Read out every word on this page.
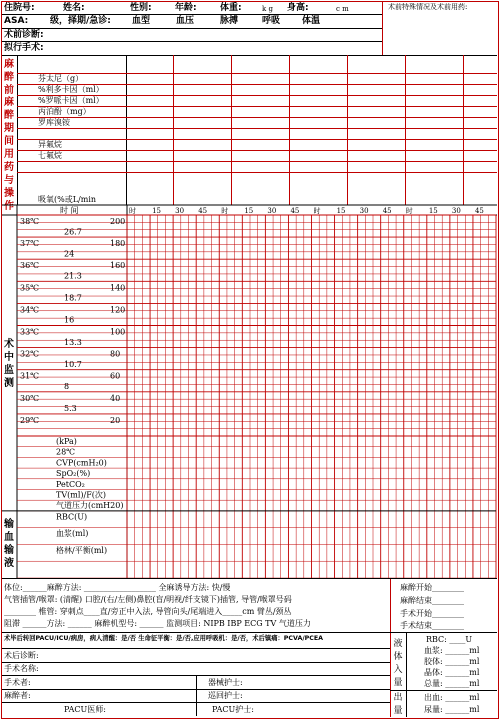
住院号:	姓名:	性别:	年龄:	体重:	k g 身高:	c m	术前特殊情况及术前用药:
ASA: 级，择期/急诊: 血型	血压	脉搏	呼吸 体温
术前诊断:
拟行手术:
芬太尼（g）
%利多卡因（ml）
%罗哌卡因（ml）
丙泊酚（mg）
罗库溴铵
异氟烷
七氟烷
麻醉前
麻醉期间用药与操作
吸氧(%或L/min
时 间	时 15 30 45 时 15 30 45 时 15 30 45 时 15 30 45
38℃	200
26.7
37℃	180
24
36℃	160
21.3
35℃	140
18.7
34℃	120
16
33℃	100
13.3
32℃	80
10.7
31℃	60
8
30℃	40
5.3
29℃	20
(kPa)
28℃
CVP(cmH₂0)
SpO₂(%)
PetCO₂
TV(ml)/F(次)
气道压力(cmH20)
RBC(U)
血浆(ml)
格林/平衡(ml)
术中监测
输血输液
体位:______麻醉方法: __________________ 全麻诱导方法: 快/慢
气管插管/喉罩: (清醒) 口腔/(右/左侧)鼻腔(盲/明视/纤支镜下)插管, 导管/喉罩号码
________ 椎管: 穿刺点____直/旁正中入法, 导管向头/尾端进入_____cm 臂丛/颈丛
阻滞 ______方法: ______ 麻醉机型号: ______ 监测项目: NIPB IBP ECG TV 气道压力
术毕后转回PACU/ICU/病房，病人清醒：是/否 生命征平衡：是/否,应用呼吸机：是/否，术后镇痛：PCVA/PCEA
术后诊断:
手术名称:
手术者:	器械护士:
麻醉者:	巡回护士:
PACU医师:	PACU护士:
麻醉开始________
麻醉结束________
手术开始________
手术结束________
液体入量
出量
RBC: ____U
血浆: ______ml
胶体: ______ml
晶体: ______ml
总量: ______ml
出血: ______ml
尿量: ______ml
